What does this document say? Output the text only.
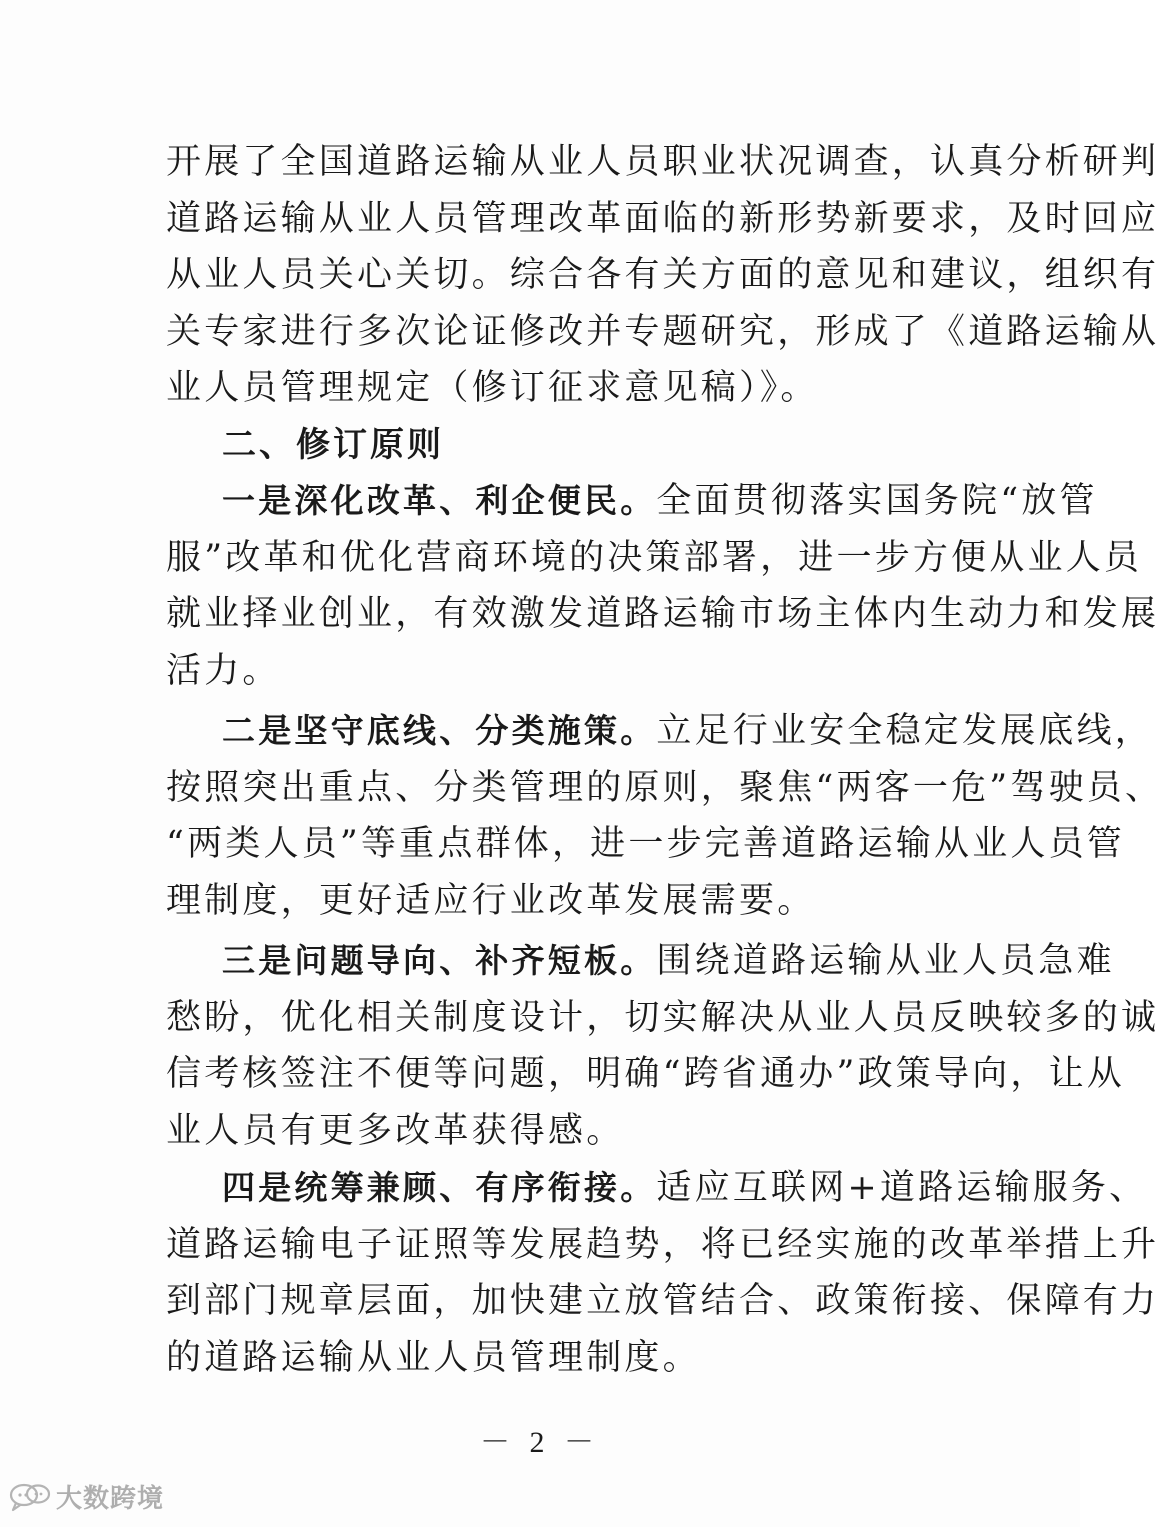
开展了全国道路运输从业人员职业状况调查，认真分析研判
道路运输从业人员管理改革面临的新形势新要求，及时回应
从业人员关心关切。综合各有关方面的意见和建议，组织有
关专家进行多次论证修改并专题研究，形成了《道路运输从
业人员管理规定（修订征求意见稿）》。
二、修订原则
一是深化改革、利企便民。全面贯彻落实国务院“放管
服”改革和优化营商环境的决策部署，进一步方便从业人员
就业择业创业，有效激发道路运输市场主体内生动力和发展
活力。
二是坚守底线、分类施策。立足行业安全稳定发展底线，
按照突出重点、分类管理的原则，聚焦“两客一危”驾驶员、
“两类人员”等重点群体，进一步完善道路运输从业人员管
理制度，更好适应行业改革发展需要。
三是问题导向、补齐短板。围绕道路运输从业人员急难
愁盼，优化相关制度设计，切实解决从业人员反映较多的诚
信考核签注不便等问题，明确“跨省通办”政策导向，让从
业人员有更多改革获得感。
四是统筹兼顾、有序衔接。适应互联网+道路运输服务、
道路运输电子证照等发展趋势，将已经实施的改革举措上升
到部门规章层面，加快建立放管结合、政策衔接、保障有力
的道路运输从业人员管理制度。
－ 2 －
大数跨境
